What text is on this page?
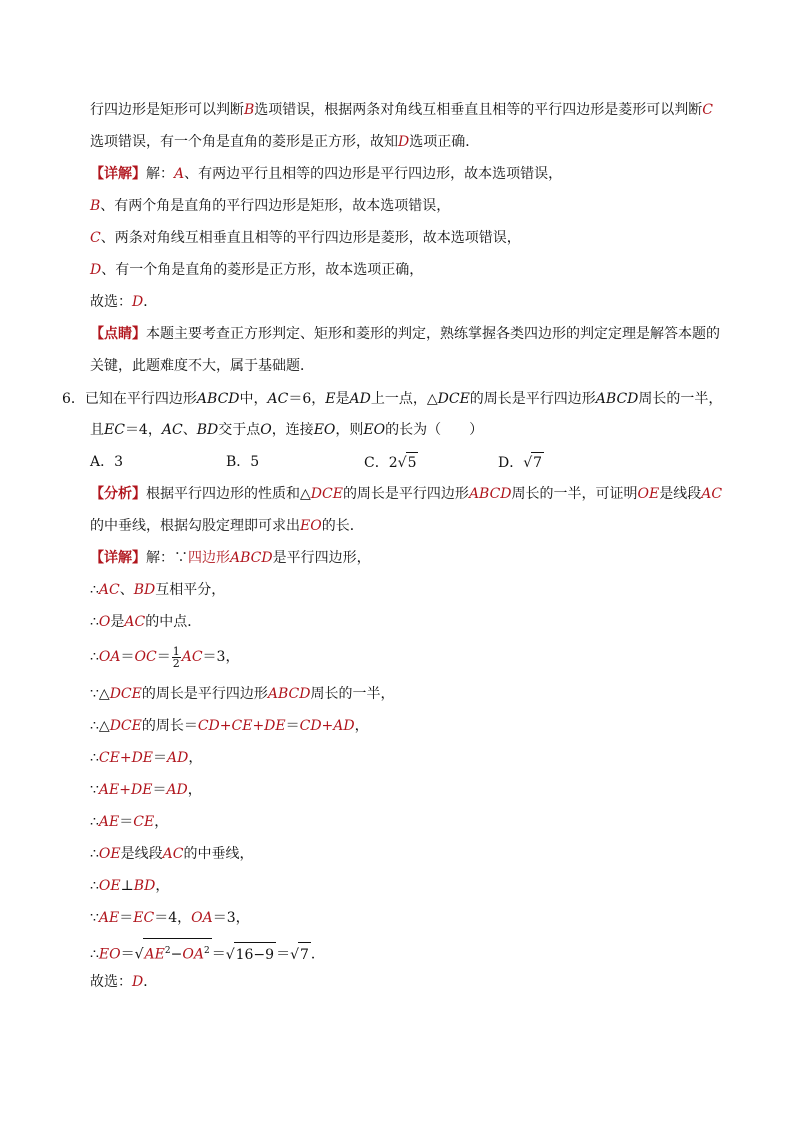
行四边形是矩形可以判断B选项错误，根据两条对角线互相垂直且相等的平行四边形是菱形可以判断C
选项错误，有一个角是直角的菱形是正方形，故知D选项正确．
【详解】解：A、有两边平行且相等的四边形是平行四边形，故本选项错误，
B、有两个角是直角的平行四边形是矩形，故本选项错误，
C、两条对角线互相垂直且相等的平行四边形是菱形，故本选项错误，
D、有一个角是直角的菱形是正方形，故本选项正确，
故选：D．
【点睛】本题主要考查正方形判定、矩形和菱形的判定，熟练掌握各类四边形的判定定理是解答本题的
关键，此题难度不大，属于基础题．
6．已知在平行四边形ABCD中，AC＝6，E是AD上一点，△DCE的周长是平行四边形ABCD周长的一半，
且EC＝4，AC、BD交于点O，连接EO，则EO的长为（　　）
A．3	B．5	C．2√5	D．√7
【分析】根据平行四边形的性质和△DCE的周长是平行四边形ABCD周长的一半，可证明OE是线段AC
的中垂线，根据勾股定理即可求出EO的长．
【详解】解：∵四边形ABCD是平行四边形，
∴AC、BD互相平分，
∴O是AC的中点．
∴OA＝OC＝ $\frac{1}{2} AC=3$，
∵△DCE的周长是平行四边形ABCD周长的一半，
∴△DCE的周长＝CD+CE+DE＝CD+AD，
∴CE+DE＝AD，
∵AE+DE＝AD，
∴AE＝CE，
∴OE是线段AC的中垂线，
∴OE⊥BD，
∵AE＝EC＝4，OA＝3，
$\therefore EO=√AE^2-OA^2 =√16-9 =√7$ ．
故选：D．
